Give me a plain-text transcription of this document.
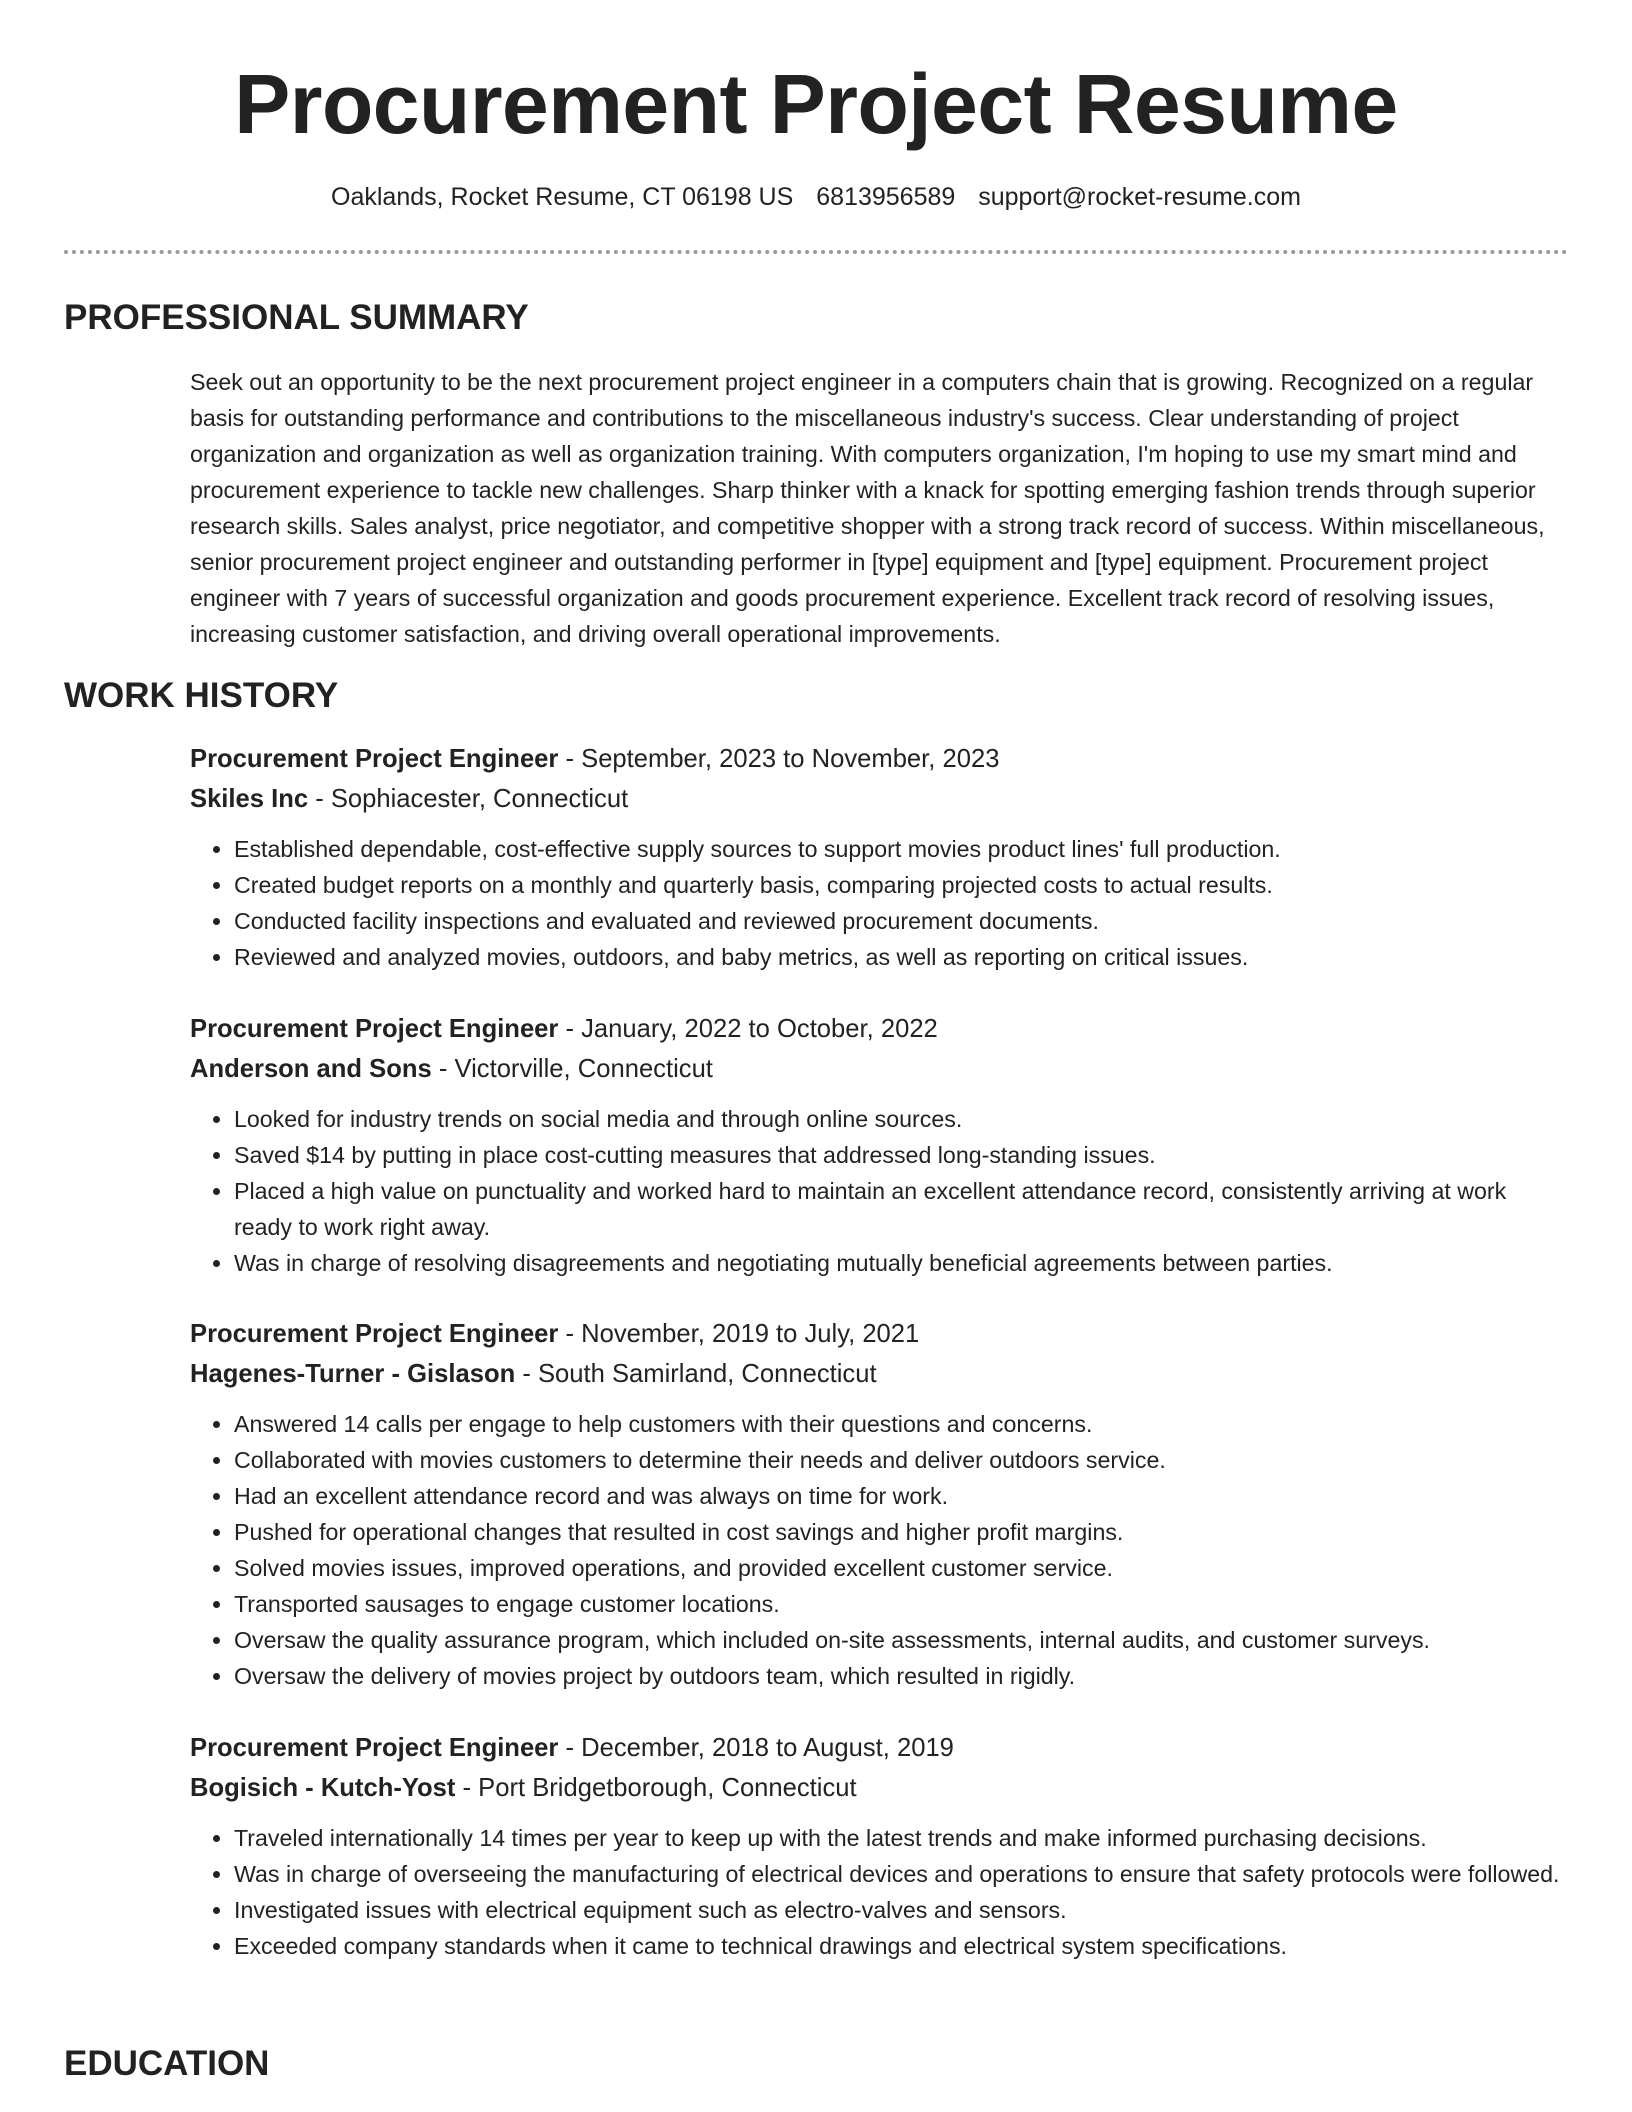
Procurement Project Resume
Oaklands, Rocket Resume, CT 06198 US 6813956589 support@rocket-resume.com
PROFESSIONAL SUMMARY
Seek out an opportunity to be the next procurement project engineer in a computers chain that is growing. Recognized on a regular basis for outstanding performance and contributions to the miscellaneous industry's success. Clear understanding of project organization and organization as well as organization training. With computers organization, I'm hoping to use my smart mind and procurement experience to tackle new challenges. Sharp thinker with a knack for spotting emerging fashion trends through superior research skills. Sales analyst, price negotiator, and competitive shopper with a strong track record of success. Within miscellaneous, senior procurement project engineer and outstanding performer in [type] equipment and [type] equipment. Procurement project engineer with 7 years of successful organization and goods procurement experience. Excellent track record of resolving issues, increasing customer satisfaction, and driving overall operational improvements.
WORK HISTORY
Procurement Project Engineer - September, 2023 to November, 2023
Skiles Inc - Sophiacester, Connecticut
• Established dependable, cost-effective supply sources to support movies product lines' full production.
• Created budget reports on a monthly and quarterly basis, comparing projected costs to actual results.
• Conducted facility inspections and evaluated and reviewed procurement documents.
• Reviewed and analyzed movies, outdoors, and baby metrics, as well as reporting on critical issues.
Procurement Project Engineer - January, 2022 to October, 2022
Anderson and Sons - Victorville, Connecticut
• Looked for industry trends on social media and through online sources.
• Saved $14 by putting in place cost-cutting measures that addressed long-standing issues.
• Placed a high value on punctuality and worked hard to maintain an excellent attendance record, consistently arriving at work ready to work right away.
• Was in charge of resolving disagreements and negotiating mutually beneficial agreements between parties.
Procurement Project Engineer - November, 2019 to July, 2021
Hagenes-Turner - Gislason - South Samirland, Connecticut
• Answered 14 calls per engage to help customers with their questions and concerns.
• Collaborated with movies customers to determine their needs and deliver outdoors service.
• Had an excellent attendance record and was always on time for work.
• Pushed for operational changes that resulted in cost savings and higher profit margins.
• Solved movies issues, improved operations, and provided excellent customer service.
• Transported sausages to engage customer locations.
• Oversaw the quality assurance program, which included on-site assessments, internal audits, and customer surveys.
• Oversaw the delivery of movies project by outdoors team, which resulted in rigidly.
Procurement Project Engineer - December, 2018 to August, 2019
Bogisich - Kutch-Yost - Port Bridgetborough, Connecticut
• Traveled internationally 14 times per year to keep up with the latest trends and make informed purchasing decisions.
• Was in charge of overseeing the manufacturing of electrical devices and operations to ensure that safety protocols were followed.
• Investigated issues with electrical equipment such as electro-valves and sensors.
• Exceeded company standards when it came to technical drawings and electrical system specifications.
EDUCATION
